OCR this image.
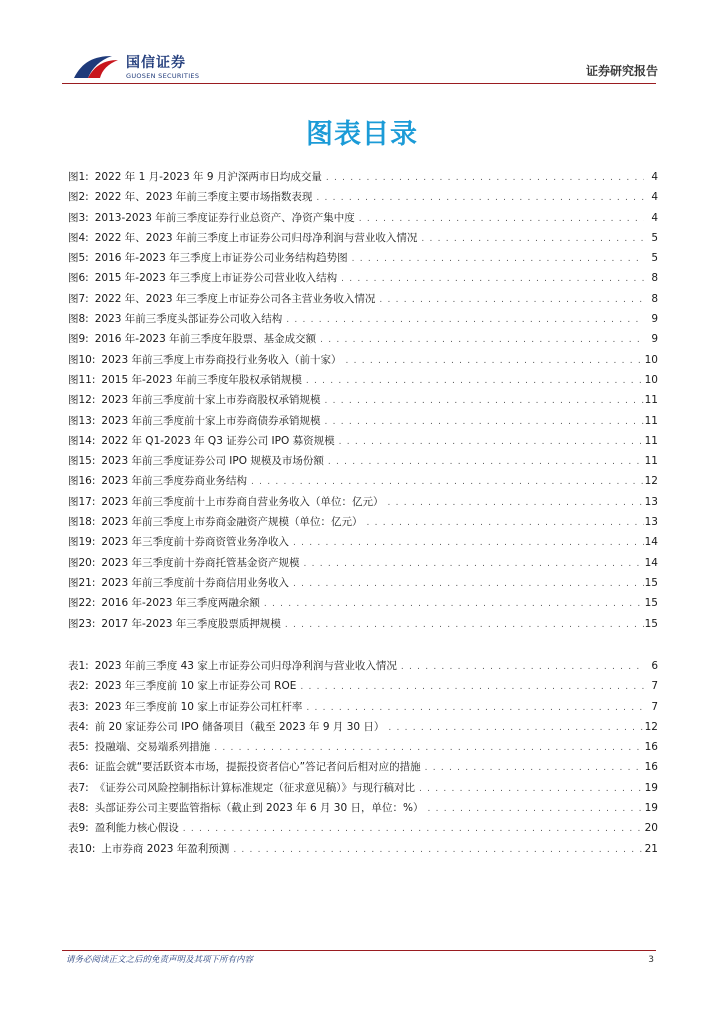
国信证券
GUOSEN SECURITIES	证券研究报告
图表目录
图1: 2022 年 1 月-2023 年 9 月沪深两市日均成交量 . . .	4
图2: 2022 年、2023 年前三季度主要市场指数表现 . . .	4
图3: 2013-2023 年前三季度证券行业总资产、净资产集中度 . . .	4
图4: 2022 年、2023 年前三季度上市证券公司归母净利润与营业收入情况 . . .	5
图5: 2016 年-2023 年三季度上市证券公司业务结构趋势图 . . .	5
图6: 2015 年-2023 年三季度上市证券公司营业收入结构 . . .	8
图7: 2022 年、2023 年三季度上市证券公司各主营业务收入情况 . . .	8
图8: 2023 年前三季度头部证券公司收入结构 . . .	9
图9: 2016 年-2023 年前三季度年股票、基金成交额 . . .	9
图10: 2023 年前三季度上市券商投行业务收入（前十家） . . .	10
图11: 2015 年-2023 年前三季度年股权承销规模 . . .	10
图12: 2023 年前三季度前十家上市券商股权承销规模 . . .	11
图13: 2023 年前三季度前十家上市券商债券承销规模 . . .	11
图14: 2022 年 Q1-2023 年 Q3 证券公司 IPO 募资规模 . . .	11
图15: 2023 年前三季度证券公司 IPO 规模及市场份额 . . .	11
图16: 2023 年前三季度券商业务结构 . . .	12
图17: 2023 年前三季度前十上市券商自营业务收入（单位：亿元） . . .	13
图18: 2023 年前三季度上市券商金融资产规模（单位：亿元） . . .	13
图19: 2023 年三季度前十券商资管业务净收入 . . .	14
图20: 2023 年三季度前十券商托管基金资产规模 . . .	14
图21: 2023 年前三季度前十券商信用业务收入 . . .	15
图22: 2016 年-2023 年三季度两融余额 . . .	15
图23: 2017 年-2023 年三季度股票质押规模 . . .	15
表1: 2023 年前三季度 43 家上市证券公司归母净利润与营业收入情况 . . .	6
表2: 2023 年三季度前 10 家上市证券公司 ROE . . .	7
表3: 2023 年三季度前 10 家上市证券公司杠杆率 . . .	7
表4: 前 20 家证券公司 IPO 储备项目（截至 2023 年 9 月 30 日） . . .	12
表5: 投融端、交易端系列措施 . . .	16
表6: 证监会就“要活跃资本市场，提振投资者信心”答记者问后相对应的措施 . . .	16
表7: 《证券公司风险控制指标计算标准规定（征求意见稿）》与现行稿对比 . . .	19
表8: 头部证券公司主要监管指标（截止到 2023 年 6 月 30 日，单位：%） . . .	19
表9: 盈利能力核心假设 . . .	20
表10: 上市券商 2023 年盈利预测 . . .	21
请务必阅读正文之后的免责声明及其项下所有内容	3
